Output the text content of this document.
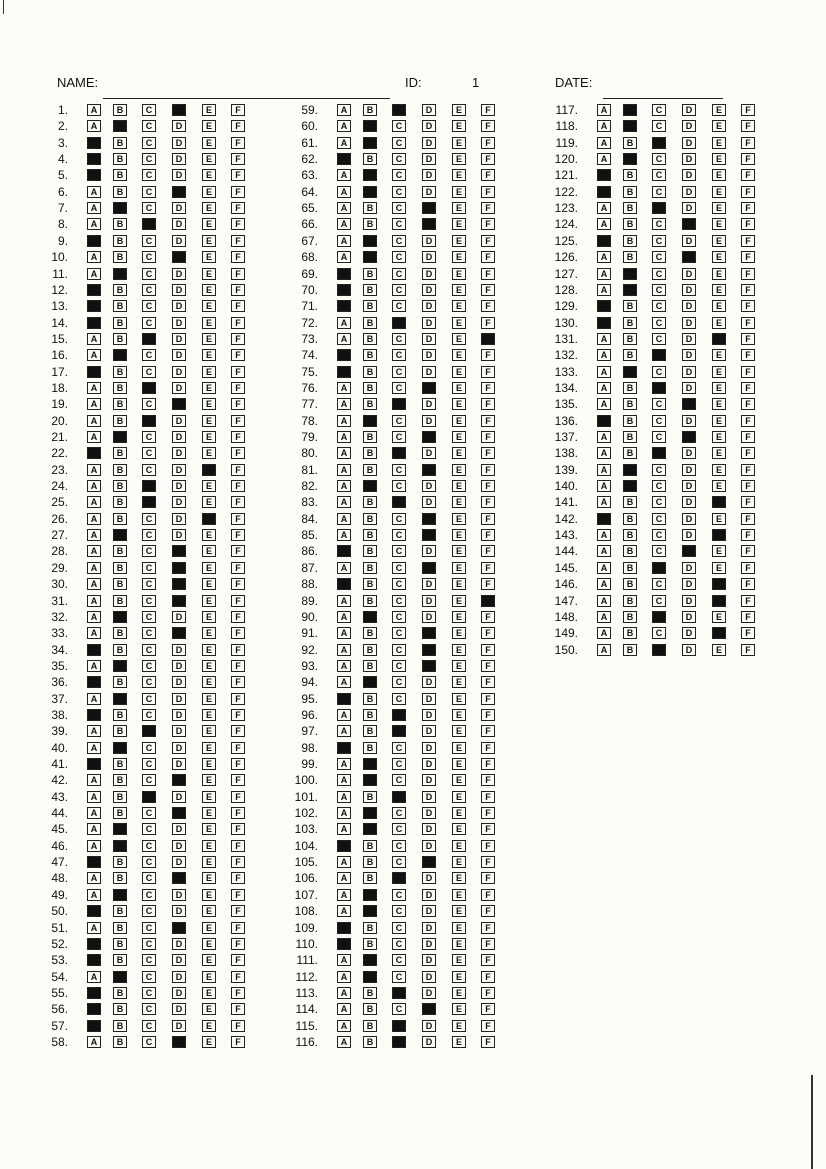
NAME:	ID:	1	DATE:
1.	A	B	C	D	E	F
2.	A	B	C	D	E	F
3.	A	B	C	D	E	F
4.	A	B	C	D	E	F
5.	A	B	C	D	E	F
6.	A	B	C	D	E	F
7.	A	B	C	D	E	F
8.	A	B	C	D	E	F
9.	A	B	C	D	E	F
10.	A	B	C	D	E	F
11.	A	B	C	D	E	F
12.	A	B	C	D	E	F
13.	A	B	C	D	E	F
14.	A	B	C	D	E	F
15.	A	B	C	D	E	F
16.	A	B	C	D	E	F
17.	A	B	C	D	E	F
18.	A	B	C	D	E	F
19.	A	B	C	D	E	F
20.	A	B	C	D	E	F
21.	A	B	C	D	E	F
22.	A	B	C	D	E	F
23.	A	B	C	D	E	F
24.	A	B	C	D	E	F
25.	A	B	C	D	E	F
26.	A	B	C	D	E	F
27.	A	B	C	D	E	F
28.	A	B	C	D	E	F
29.	A	B	C	D	E	F
30.	A	B	C	D	E	F
31.	A	B	C	D	E	F
32.	A	B	C	D	E	F
33.	A	B	C	D	E	F
34.	A	B	C	D	E	F
35.	A	B	C	D	E	F
36.	A	B	C	D	E	F
37.	A	B	C	D	E	F
38.	A	B	C	D	E	F
39.	A	B	C	D	E	F
40.	A	B	C	D	E	F
41.	A	B	C	D	E	F
42.	A	B	C	D	E	F
43.	A	B	C	D	E	F
44.	A	B	C	D	E	F
45.	A	B	C	D	E	F
46.	A	B	C	D	E	F
47.	A	B	C	D	E	F
48.	A	B	C	D	E	F
49.	A	B	C	D	E	F
50.	A	B	C	D	E	F
51.	A	B	C	D	E	F
52.	A	B	C	D	E	F
53.	A	B	C	D	E	F
54.	A	B	C	D	E	F
55.	A	B	C	D	E	F
56.	A	B	C	D	E	F
57.	A	B	C	D	E	F
58.	A	B	C	D	E	F
59.	A	B	C	D	E	F
60.	A	B	C	D	E	F
61.	A	B	C	D	E	F
62.	A	B	C	D	E	F
63.	A	B	C	D	E	F
64.	A	B	C	D	E	F
65.	A	B	C	D	E	F
66.	A	B	C	D	E	F
67.	A	B	C	D	E	F
68.	A	B	C	D	E	F
69.	A	B	C	D	E	F
70.	A	B	C	D	E	F
71.	A	B	C	D	E	F
72.	A	B	C	D	E	F
73.	A	B	C	D	E	F
74.	A	B	C	D	E	F
75.	A	B	C	D	E	F
76.	A	B	C	D	E	F
77.	A	B	C	D	E	F
78.	A	B	C	D	E	F
79.	A	B	C	D	E	F
80.	A	B	C	D	E	F
81.	A	B	C	D	E	F
82.	A	B	C	D	E	F
83.	A	B	C	D	E	F
84.	A	B	C	D	E	F
85.	A	B	C	D	E	F
86.	A	B	C	D	E	F
87.	A	B	C	D	E	F
88.	A	B	C	D	E	F
89.	A	B	C	D	E	F
90.	A	B	C	D	E	F
91.	A	B	C	D	E	F
92.	A	B	C	D	E	F
93.	A	B	C	D	E	F
94.	A	B	C	D	E	F
95.	A	B	C	D	E	F
96.	A	B	C	D	E	F
97.	A	B	C	D	E	F
98.	A	B	C	D	E	F
99.	A	B	C	D	E	F
100.	A	B	C	D	E	F
101.	A	B	C	D	E	F
102.	A	B	C	D	E	F
103.	A	B	C	D	E	F
104.	A	B	C	D	E	F
105.	A	B	C	D	E	F
106.	A	B	C	D	E	F
107.	A	B	C	D	E	F
108.	A	B	C	D	E	F
109.	A	B	C	D	E	F
110.	A	B	C	D	E	F
111.	A	B	C	D	E	F
112.	A	B	C	D	E	F
113.	A	B	C	D	E	F
114.	A	B	C	D	E	F
115.	A	B	C	D	E	F
116.	A	B	C	D	E	F
117.	A	B	C	D	E	F
118.	A	B	C	D	E	F
119.	A	B	C	D	E	F
120.	A	B	C	D	E	F
121.	A	B	C	D	E	F
122.	A	B	C	D	E	F
123.	A	B	C	D	E	F
124.	A	B	C	D	E	F
125.	A	B	C	D	E	F
126.	A	B	C	D	E	F
127.	A	B	C	D	E	F
128.	A	B	C	D	E	F
129.	A	B	C	D	E	F
130.	A	B	C	D	E	F
131.	A	B	C	D	E	F
132.	A	B	C	D	E	F
133.	A	B	C	D	E	F
134.	A	B	C	D	E	F
135.	A	B	C	D	E	F
136.	A	B	C	D	E	F
137.	A	B	C	D	E	F
138.	A	B	C	D	E	F
139.	A	B	C	D	E	F
140.	A	B	C	D	E	F
141.	A	B	C	D	E	F
142.	A	B	C	D	E	F
143.	A	B	C	D	E	F
144.	A	B	C	D	E	F
145.	A	B	C	D	E	F
146.	A	B	C	D	E	F
147.	A	B	C	D	E	F
148.	A	B	C	D	E	F
149.	A	B	C	D	E	F
150.	A	B	C	D	E	F
